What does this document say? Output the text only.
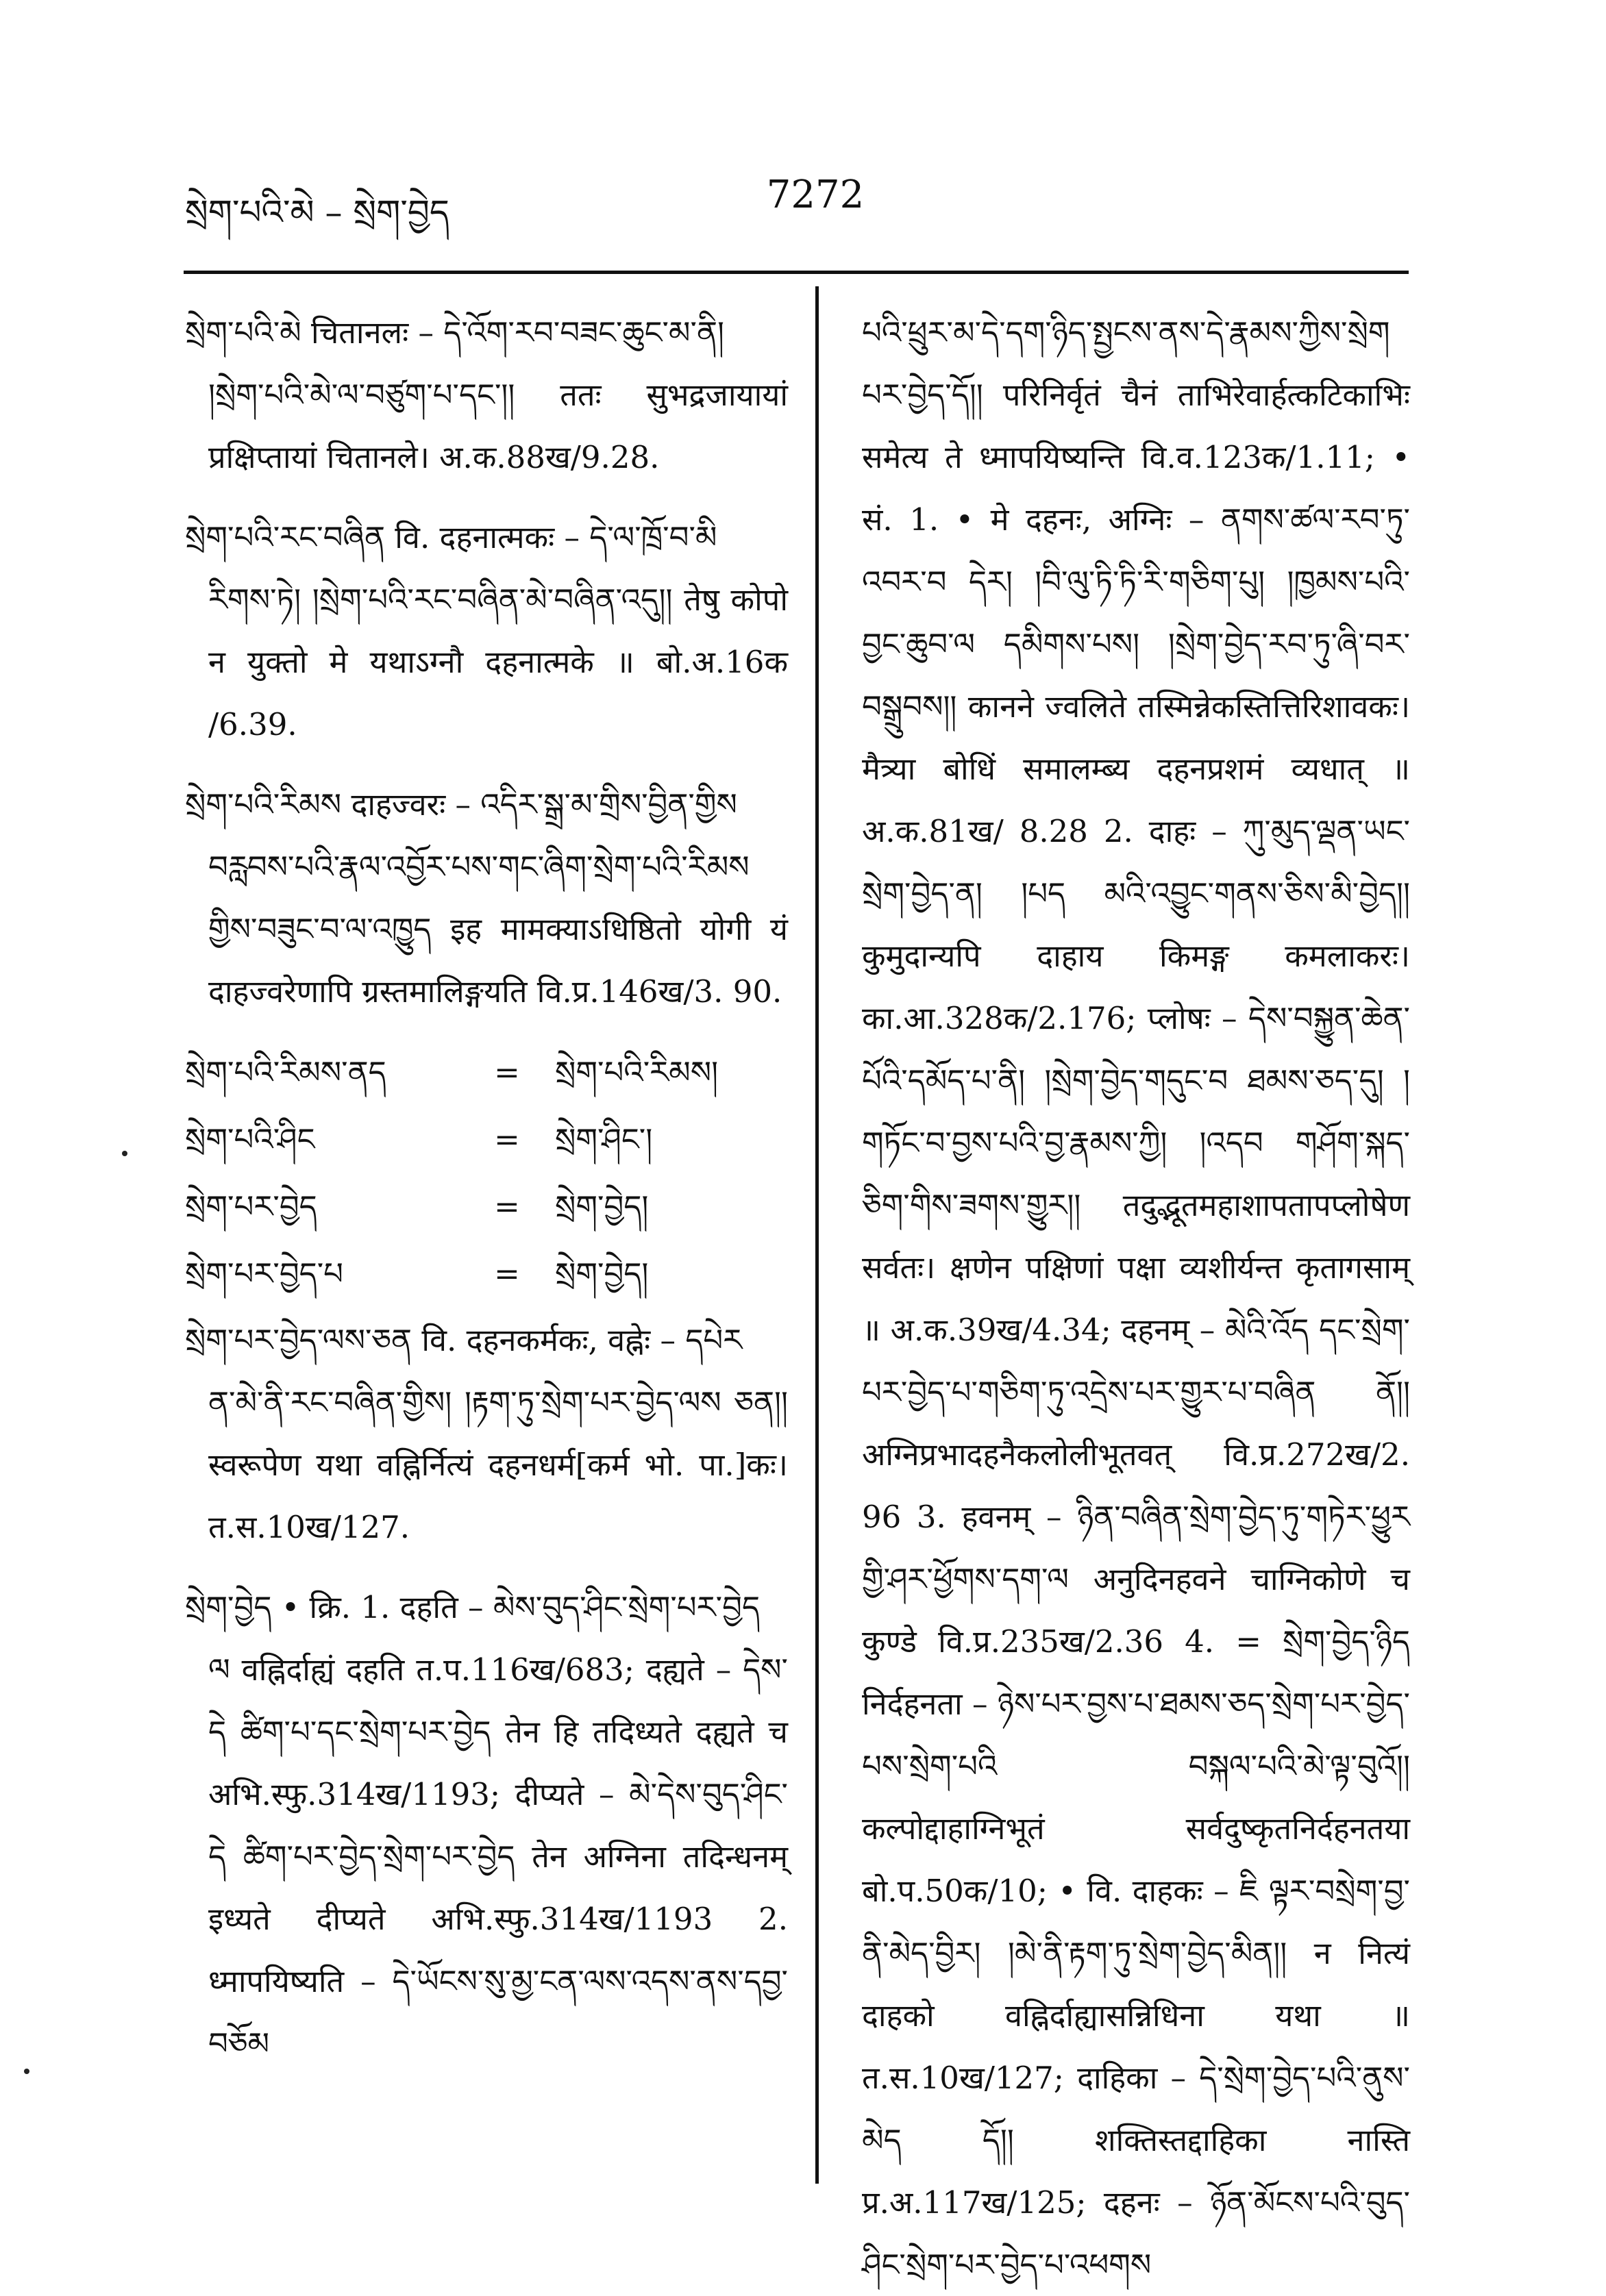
སྲེག་པའི་མེ – སྲེག་བྱེད	7272
སྲེག་པའི་མེ चितानलः – དེ་འོག་རབ་བཟང་ཆུང་མ་ནི།
།སྲེག་པའི་མེ་ལ་བཙུག་པ་དང་།། ततः सुभद्रजायायां प्रक्षिप्तायां चितानले। अ.क.88ख/9.28.
སྲེག་པའི་རང་བཞིན वि. दहनात्मकः – དེ་ལ་ཁྲོ་བ་མི
རིགས་ཏེ། །སྲེག་པའི་རང་བཞིན་མེ་བཞིན་འདུ།། तेषु कोपो न युक्तो मे यथाऽग्नौ दहनात्मके ॥ बो.अ.16क /6.39.
སྲེག་པའི་རིམས दाहज्वरः – འདིར་སྒྲ་མ་གྲིས་བྱིན་གྱིས
བརླབས་པའི་རྣལ་འབྱོར་པས་གང་ཞིག་སྲེག་པའི་རིམས གྱིས་བཟུང་བ་ལ་འཁྱུད इह मामक्याऽधिष्ठितो योगी यं दाहज्वरेणापि ग्रस्तमालिङ्गयति वि.प्र.146ख/3. 90.
སྲེག་པའི་རིམས་ནད	=	སྲེག་པའི་རིམས།
སྲེག་པའི་ཤིང	=	སྲེག་ཤིང་།
སྲེག་པར་བྱེད	=	སྲེག་བྱེད།
སྲེག་པར་བྱེད་པ	=	སྲེག་བྱེད།
སྲེག་པར་བྱེད་ལས་ཅན वि. दहनकर्मकः, वह्नेः – དཔེར
ན་མེ་ནི་རང་བཞིན་གྱིས། །རྟག་ཏུ་སྲེག་པར་བྱེད་ལས ཅན།། स्वरूपेण यथा वह्निर्नित्यं दहनधर्म[कर्म भो. पा.]कः। त.स.10ख/127.
སྲེག་བྱེད • क्रि. 1. दहति – མེས་བུད་ཤིང་སྲེག་པར་བྱེད
ལ वह्निर्दाह्यं दहति त.प.116ख/683; दह्यते – དེས་དེ ཚིག་པ་དང་སྲེག་པར་བྱེད तेन हि तदिध्यते दह्यते च अभि.स्फु.314ख/1193; दीप्यते – མེ་དེས་བུད་ཤིང་དེ ཚིག་པར་བྱེད་སྲེག་པར་བྱེད तेन अग्निना तदिन्धनम् इध्यते दीप्यते अभि.स्फु.314ख/1193 2. ध्मापयिष्यति – དེ་ཡོངས་སུ་མྱ་ངན་ལས་འདས་ནས་དབྱ་བཅོམ
པའི་ཕྲུར་མ་དེ་དག་ཉིད་སྤྱངས་ནས་དེ་རྣམས་ཀྱིས་སྲེག པར་བྱེད་དོ།། परिनिर्वृतं चैनं ताभिरेवार्हत्कटिकाभिः समेत्य ते ध्मापयिष्यन्ति वि.व.123क/1.11; • सं. 1. • मे दहनः, अग्निः – ནགས་ཚལ་རབ་ཏུ་འབར་བ དེར། །བི་ལུ་ཏི་ཏི་རི་གཅིག་པུ། །ཁྱམས་པའི་བྱང་ཆུབ་ལ དམིགས་པས། །སྲེག་བྱེད་རབ་ཏུ་ཞི་བར་བསྒྲུབས།། कानने ज्वलिते तस्मिन्नेकस्तित्तिरिशावकः। मैत्र्या बोधिं समालम्ब्य दहनप्रशमं व्यधात् ॥ अ.क.81ख/ 8.28 2. दाहः – ཀུ་མུད་ལྡན་ཡང་སྲེག་བྱེད་ན། །པད མའི་འབྱུང་གནས་ཅིས་མི་བྱེད།། कुमुदान्यपि दाहाय किमङ्ग कमलाकरः। का.आ.328क/2.176; प्लोषः – དེས་བསྐྱུན་ཆེན་པོའི་དམོད་པ་ནི། །སྲེག་བྱེད་གདུང་བ ཐམས་ཅད་དུ། །གཏོང་བ་བྱས་པའི་བྱ་རྣམས་ཀྱི། །འདབ གཤོག་སྐད་ཅིག་གིས་ཟགས་གྱུར།། तदुद्भूतमहाशापतापप्लोषेण सर्वतः। क्षणेन पक्षिणां पक्षा व्यशीर्यन्त कृतागसाम् ॥ अ.क.39ख/4.34; दहनम् – མེའི་འོད དང་སྲེག་པར་བྱེད་པ་གཅིག་ཏུ་འདྲེས་པར་གྱུར་པ་བཞིན ནོ།། अग्निप्रभादहनैकलोलीभूतवत् वि.प्र.272ख/2. 96 3. हवनम् – ཉིན་བཞིན་སྲེག་བྱེད་ཏུ་གཏེར་ཕྱུར གྱི་ཤར་ཕྱོགས་དག་ལ अनुदिनहवने चाग्निकोणे च कुण्डे वि.प्र.235ख/2.36 4. = སྲེག་བྱེད་ཉིད निर्दहनता – ཉེས་པར་བྱས་པ་ཐམས་ཅད་སྲེག་པར་བྱེད་པས་སྲེག་པའི བསྐལ་པའི་མེ་ལྟ་བུའོ།། कल्पोद्दाहाग्निभूतं सर्वदुष्कृतनिर्दहनतया बो.प.50क/10; • वि. दाहकः – ཇི ལྟར་བསྲེག་བྱ་ནི་མེད་བྱིར། །མེ་ནི་རྟག་ཏུ་སྲེག་བྱེད་མིན།། न नित्यं दाहको वह्निर्दाह्यासन्निधिना यथा ॥ त.स.10ख/127; दाहिका – དེ་སྲེག་བྱེད་པའི་ནུས་མེད དོ།། शक्तिस्तद्दाहिका नास्ति प्र.अ.117ख/125; दहनः – ཉོན་མོངས་པའི་བུད་ཤིང་སྲེག་པར་བྱེད་པ་འཕགས
